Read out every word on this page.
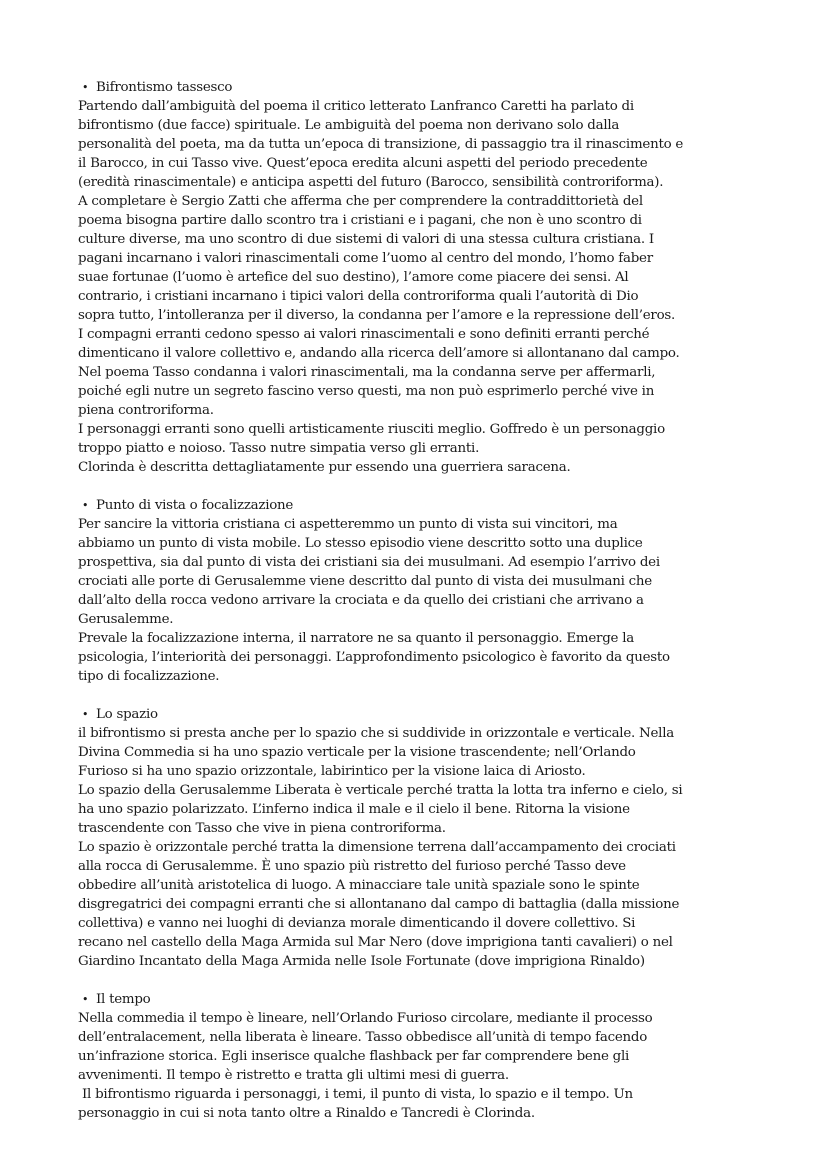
• Bifrontismo tassesco
Partendo dall’ambiguità del poema il critico letterato Lanfranco Caretti ha parlato di
bifrontismo (due facce) spirituale. Le ambiguità del poema non derivano solo dalla
personalità del poeta, ma da tutta un’epoca di transizione, di passaggio tra il rinascimento e
il Barocco, in cui Tasso vive. Quest’epoca eredita alcuni aspetti del periodo precedente
(eredità rinascimentale) e anticipa aspetti del futuro (Barocco, sensibilità controriforma).
A completare è Sergio Zatti che afferma che per comprendere la contraddittorietà del
poema bisogna partire dallo scontro tra i cristiani e i pagani, che non è uno scontro di
culture diverse, ma uno scontro di due sistemi di valori di una stessa cultura cristiana. I
pagani incarnano i valori rinascimentali come l’uomo al centro del mondo, l’homo faber
suae fortunae (l’uomo è artefice del suo destino), l’amore come piacere dei sensi. Al
contrario, i cristiani incarnano i tipici valori della controriforma quali l’autorità di Dio
sopra tutto, l’intolleranza per il diverso, la condanna per l’amore e la repressione dell’eros.
I compagni erranti cedono spesso ai valori rinascimentali e sono definiti erranti perché
dimenticano il valore collettivo e, andando alla ricerca dell’amore si allontanano dal campo.
Nel poema Tasso condanna i valori rinascimentali, ma la condanna serve per affermarli,
poiché egli nutre un segreto fascino verso questi, ma non può esprimerlo perché vive in
piena controriforma.
I personaggi erranti sono quelli artisticamente riusciti meglio. Goffredo è un personaggio
troppo piatto e noioso. Tasso nutre simpatia verso gli erranti.
Clorinda è descritta dettagliatamente pur essendo una guerriera saracena.
• Punto di vista o focalizzazione
Per sancire la vittoria cristiana ci aspetteremmo un punto di vista sui vincitori, ma
abbiamo un punto di vista mobile. Lo stesso episodio viene descritto sotto una duplice
prospettiva, sia dal punto di vista dei cristiani sia dei musulmani. Ad esempio l’arrivo dei
crociati alle porte di Gerusalemme viene descritto dal punto di vista dei musulmani che
dall’alto della rocca vedono arrivare la crociata e da quello dei cristiani che arrivano a
Gerusalemme.
Prevale la focalizzazione interna, il narratore ne sa quanto il personaggio. Emerge la
psicologia, l’interiorità dei personaggi. L’approfondimento psicologico è favorito da questo
tipo di focalizzazione.
• Lo spazio
il bifrontismo si presta anche per lo spazio che si suddivide in orizzontale e verticale. Nella
Divina Commedia si ha uno spazio verticale per la visione trascendente; nell’Orlando
Furioso si ha uno spazio orizzontale, labirintico per la visione laica di Ariosto.
Lo spazio della Gerusalemme Liberata è verticale perché tratta la lotta tra inferno e cielo, si
ha uno spazio polarizzato. L’inferno indica il male e il cielo il bene. Ritorna la visione
trascendente con Tasso che vive in piena controriforma.
Lo spazio è orizzontale perché tratta la dimensione terrena dall’accampamento dei crociati
alla rocca di Gerusalemme. È uno spazio più ristretto del furioso perché Tasso deve
obbedire all’unità aristotelica di luogo. A minacciare tale unità spaziale sono le spinte
disgregatrici dei compagni erranti che si allontanano dal campo di battaglia (dalla missione
collettiva) e vanno nei luoghi di devianza morale dimenticando il dovere collettivo. Si
recano nel castello della Maga Armida sul Mar Nero (dove imprigiona tanti cavalieri) o nel
Giardino Incantato della Maga Armida nelle Isole Fortunate (dove imprigiona Rinaldo)
• Il tempo
Nella commedia il tempo è lineare, nell’Orlando Furioso circolare, mediante il processo
dell’entralacement, nella liberata è lineare. Tasso obbedisce all’unità di tempo facendo
un’infrazione storica. Egli inserisce qualche flashback per far comprendere bene gli
avvenimenti. Il tempo è ristretto e tratta gli ultimi mesi di guerra.
Il bifrontismo riguarda i personaggi, i temi, il punto di vista, lo spazio e il tempo. Un
personaggio in cui si nota tanto oltre a Rinaldo e Tancredi è Clorinda.
